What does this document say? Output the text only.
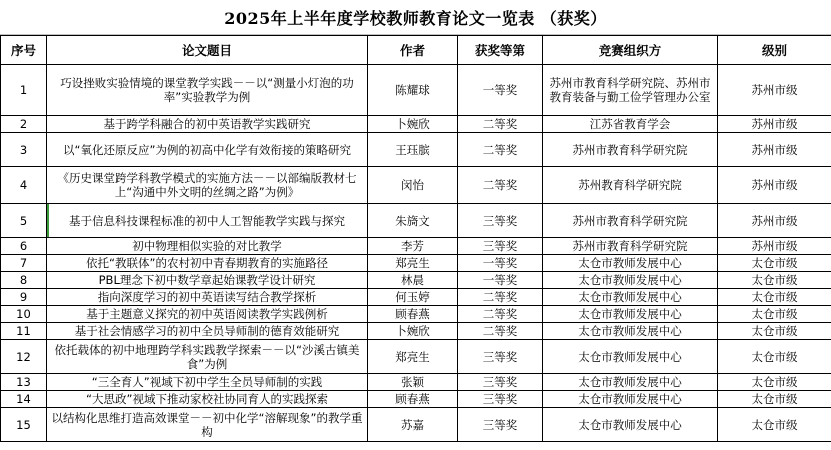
2025年上半年度学校教师教育论文一览表 （获奖）
序号	论文题目	作者	获奖等第	竞赛组织方	级别
1	巧设挫败实验情境的课堂教学实践－－以“测量小灯泡的功率”实验教学为例	陈耀球	一等奖	苏州市教育科学研究院、苏州市教育装备与勤工俭学管理办公室	苏州市级
2	基于跨学科融合的初中英语教学实践研究	卜婉欣	二等奖	江苏省教育学会	苏州市级
3	以“氧化还原反应”为例的初高中化学有效衔接的策略研究	王珏膑	二等奖	苏州市教育科学研究院	苏州市级
4	《历史课堂跨学科教学模式的实施方法－－以部编版教材七上“沟通中外文明的丝绸之路”为例》	闵怡	二等奖	苏州教育科学研究院	苏州市级
5	基于信息科技课程标准的初中人工智能教学实践与探究	朱旖文	三等奖	苏州市教育科学研究院	苏州市级
6	初中物理相似实验的对比教学	李芳	三等奖	苏州市教育科学研究院	苏州市级
7	依托“教联体”的农村初中青春期教育的实施路径	郑亮生	一等奖	太仓市教师发展中心	太仓市级
8	PBL理念下初中数学章起始课教学设计研究	林晨	一等奖	太仓市教师发展中心	太仓市级
9	指向深度学习的初中英语读写结合教学探析	何玉婷	二等奖	太仓市教师发展中心	太仓市级
10	基于主题意义探究的初中英语阅读教学实践例析	顾春燕	二等奖	太仓市教师发展中心	太仓市级
11	基于社会情感学习的初中全员导师制的德育效能研究	卜婉欣	二等奖	太仓市教师发展中心	太仓市级
12	依托载体的初中地理跨学科实践教学探索－－以“沙溪古镇美食”为例	郑亮生	三等奖	太仓市教师发展中心	太仓市级
13	“三全育人”视域下初中学生全员导师制的实践	张颖	三等奖	太仓市教师发展中心	太仓市级
14	“大思政”视域下推动家校社协同育人的实践探索	顾春燕	三等奖	太仓市教师发展中心	太仓市级
15	以结构化思维打造高效课堂－－初中化学“溶解现象”的教学重构	苏嘉	三等奖	太仓市教师发展中心	太仓市级
